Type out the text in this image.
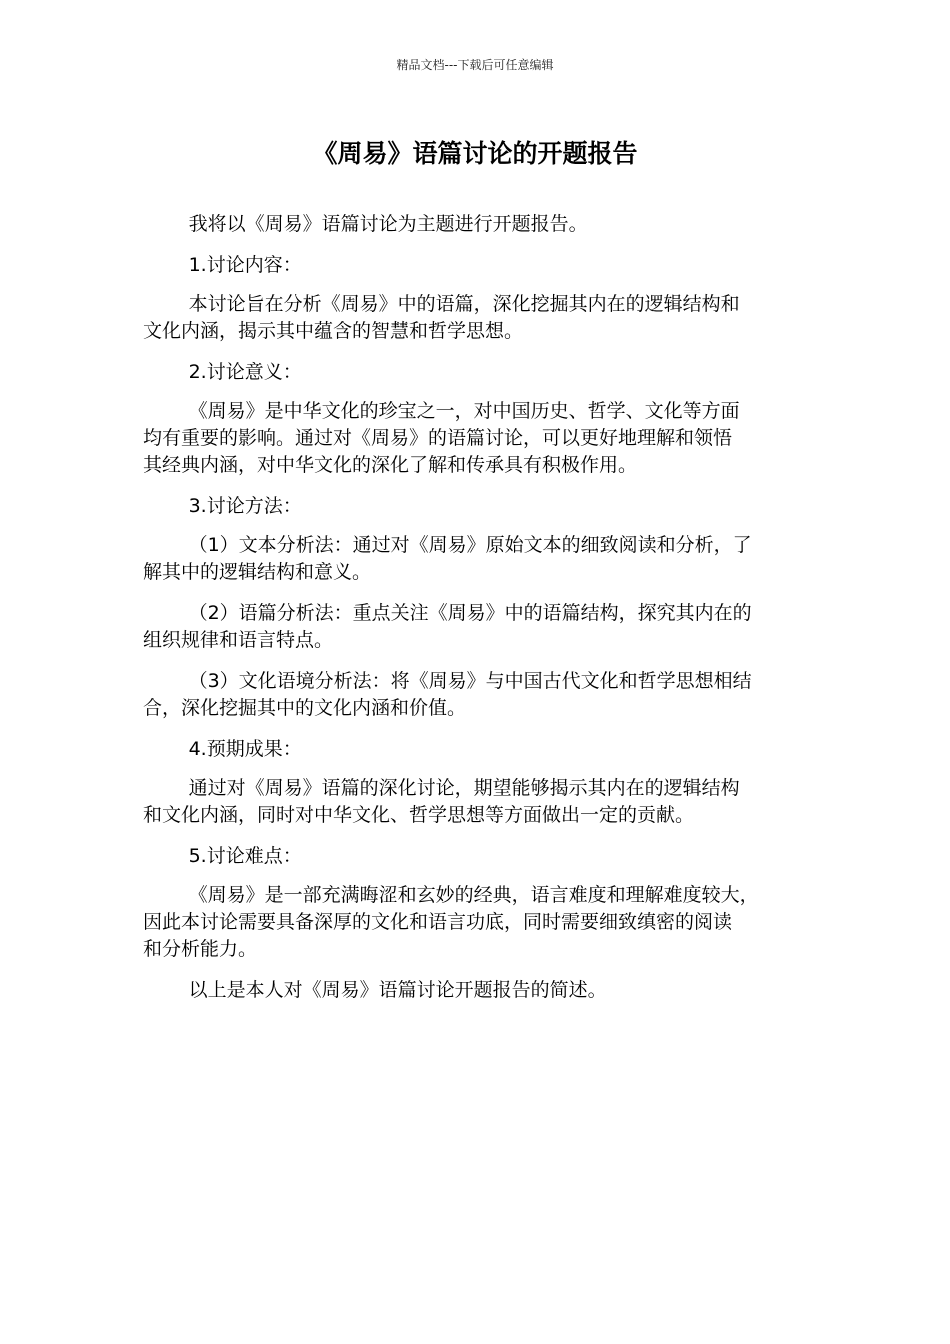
精品文档---下载后可任意编辑
《周易》语篇讨论的开题报告

我将以《周易》语篇讨论为主题进行开题报告。

1.讨论内容：

本讨论旨在分析《周易》中的语篇，深化挖掘其内在的逻辑结构和
文化内涵，揭示其中蕴含的智慧和哲学思想。

2.讨论意义：

《周易》是中华文化的珍宝之一，对中国历史、哲学、文化等方面
均有重要的影响。通过对《周易》的语篇讨论，可以更好地理解和领悟
其经典内涵，对中华文化的深化了解和传承具有积极作用。

3.讨论方法：

（1）文本分析法：通过对《周易》原始文本的细致阅读和分析，了
解其中的逻辑结构和意义。

（2）语篇分析法：重点关注《周易》中的语篇结构，探究其内在的
组织规律和语言特点。

（3）文化语境分析法：将《周易》与中国古代文化和哲学思想相结
合，深化挖掘其中的文化内涵和价值。

4.预期成果：

通过对《周易》语篇的深化讨论，期望能够揭示其内在的逻辑结构
和文化内涵，同时对中华文化、哲学思想等方面做出一定的贡献。

5.讨论难点：

《周易》是一部充满晦涩和玄妙的经典，语言难度和理解难度较大，
因此本讨论需要具备深厚的文化和语言功底，同时需要细致缜密的阅读
和分析能力。

以上是本人对《周易》语篇讨论开题报告的简述。
